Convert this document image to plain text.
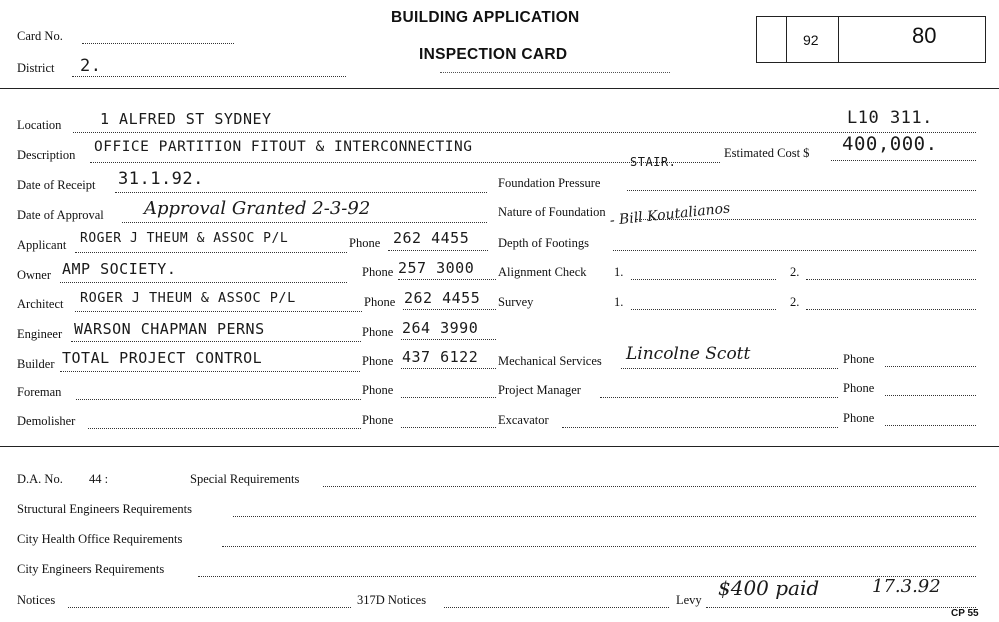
Card No.
District 2.
BUILDING APPLICATION
INSPECTION CARD
92	80
Location	1 ALFRED ST SYDNEY	L10 311.
Description OFFICE PARTITION FITOUT & INTERCONNECTING
STAIR.
Estimated Cost $ 400,000.
Date of Receipt 31.1.92.	Foundation Pressure
Date of Approval Approval Granted 2-3-92	Nature of Foundation - Bill Koutalianos
Applicant ROGER J THEUM & ASSOC P/L	Phone 262 4455 Depth of Footings
Owner AMP SOCIETY.	Phone 257 3000 Alignment Check 1.	2.
Architect ROGER J THEUM & ASSOC P/L	Phone 262 4455 Survey	1.	2.
Engineer WARSON CHAPMAN PERNS	Phone 264 3990
Builder TOTAL PROJECT CONTROL	Phone 437 6122 Mechanical Services Lincolne Scott	Phone
Foreman	Phone	Project Manager	Phone
Demolisher	Phone	Excavator	Phone
D.A. No. 44 :	Special Requirements
Structural Engineers Requirements
City Health Office Requirements
City Engineers Requirements
Notices	317D Notices	Levy $400 paid	17.3.92
CP 55
